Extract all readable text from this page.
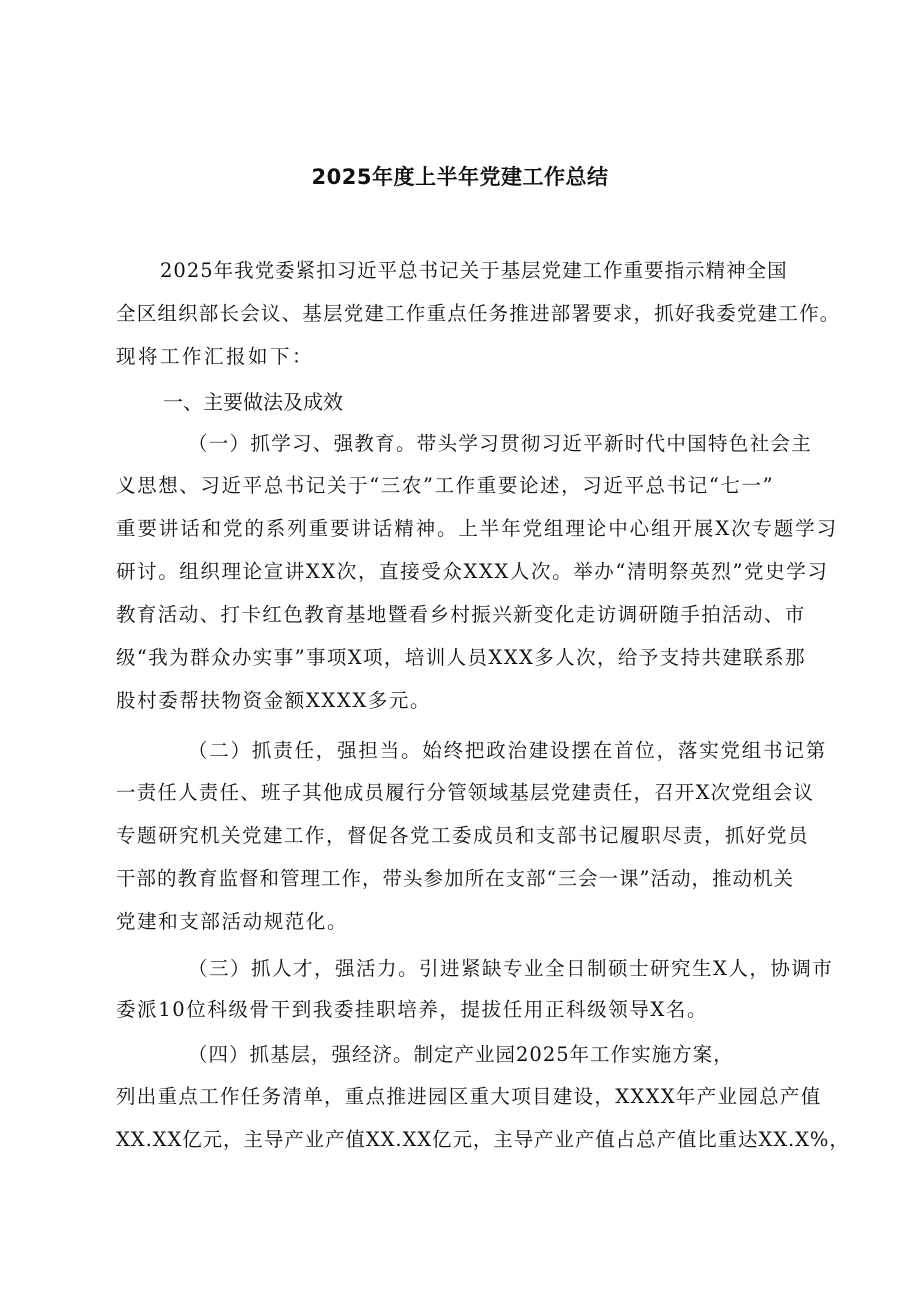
2025年度上半年党建工作总结
2025年我党委紧扣习近平总书记关于基层党建工作重要指示精神全国
全区组织部长会议、基层党建工作重点任务推进部署要求，抓好我委党建工作。
现将工作汇报如下：
一、主要做法及成效
（一）抓学习、强教育。带头学习贯彻习近平新时代中国特色社会主
义思想、习近平总书记关于“三农”工作重要论述，习近平总书记“七一”
重要讲话和党的系列重要讲话精神。上半年党组理论中心组开展X次专题学习
研讨。组织理论宣讲XX次，直接受众XXX人次。举办“清明祭英烈”党史学习
教育活动、打卡红色教育基地暨看乡村振兴新变化走访调研随手拍活动、市
级“我为群众办实事”事项X项，培训人员XXX多人次，给予支持共建联系那
股村委帮扶物资金额XXXX多元。
（二）抓责任，强担当。始终把政治建设摆在首位，落实党组书记第
一责任人责任、班子其他成员履行分管领域基层党建责任，召开X次党组会议
专题研究机关党建工作，督促各党工委成员和支部书记履职尽责，抓好党员
干部的教育监督和管理工作，带头参加所在支部“三会一课”活动，推动机关
党建和支部活动规范化。
（三）抓人才，强活力。引进紧缺专业全日制硕士研究生X人，协调市
委派10位科级骨干到我委挂职培养，提拔任用正科级领导X名。
（四）抓基层，强经济。制定产业园2025年工作实施方案，
列出重点工作任务清单，重点推进园区重大项目建设，XXXX年产业园总产值
XX.XX亿元，主导产业产值XX.XX亿元，主导产业产值占总产值比重达XX.X%，
